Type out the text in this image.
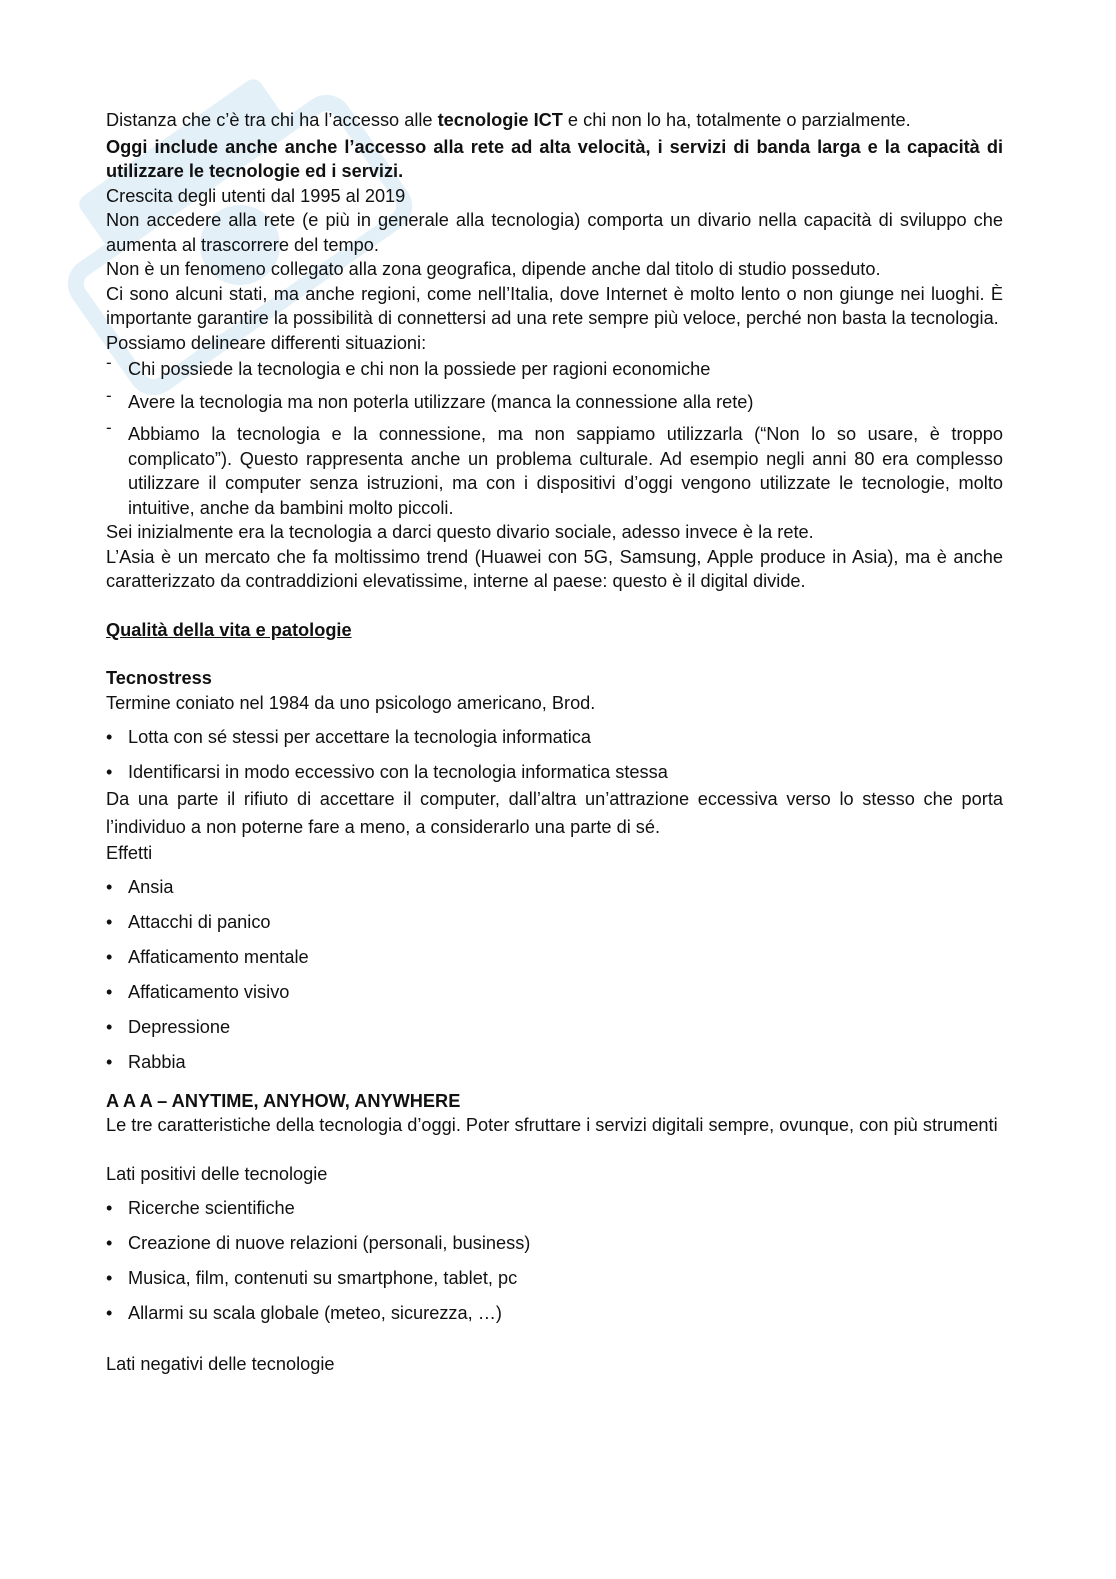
Distanza che c’è tra chi ha l’accesso alle tecnologie ICT e chi non lo ha, totalmente o parzialmente.

Oggi include anche anche l’accesso alla rete ad alta velocità, i servizi di banda larga e la capacità di utilizzare le tecnologie ed i servizi.

Crescita degli utenti dal 1995 al 2019

Non accedere alla rete (e più in generale alla tecnologia) comporta un divario nella capacità di sviluppo che aumenta al trascorrere del tempo.

Non è un fenomeno collegato alla zona geografica, dipende anche dal titolo di studio posseduto.

Ci sono alcuni stati, ma anche regioni, come nell’Italia, dove Internet è molto lento o non giunge nei luoghi. È importante garantire la possibilità di connettersi ad una rete sempre più veloce, perché non basta la tecnologia.

Possiamo delineare differenti situazioni:

- Chi possiede la tecnologia e chi non la possiede per ragioni economiche
- Avere la tecnologia ma non poterla utilizzare (manca la connessione alla rete)
- Abbiamo la tecnologia e la connessione, ma non sappiamo utilizzarla (“Non lo so usare, è troppo complicato”). Questo rappresenta anche un problema culturale. Ad esempio negli anni 80 era complesso utilizzare il computer senza istruzioni, ma con i dispositivi d’oggi vengono utilizzate le tecnologie, molto intuitive, anche da bambini molto piccoli.

Sei inizialmente era la tecnologia a darci questo divario sociale, adesso invece è la rete.

L’Asia è un mercato che fa moltissimo trend (Huawei con 5G, Samsung, Apple produce in Asia), ma è anche caratterizzato da contraddizioni elevatissime, interne al paese: questo è il digital divide.

Qualità della vita e patologie

Tecnostress

Termine coniato nel 1984 da uno psicologo americano, Brod.

• Lotta con sé stessi per accettare la tecnologia informatica
• Identificarsi in modo eccessivo con la tecnologia informatica stessa

Da una parte il rifiuto di accettare il computer, dall’altra un’attrazione eccessiva verso lo stesso che porta l’individuo a non poterne fare a meno, a considerarlo una parte di sé.

Effetti

• Ansia
• Attacchi di panico
• Affaticamento mentale
• Affaticamento visivo
• Depressione
• Rabbia

A A A – ANYTIME, ANYHOW, ANYWHERE

Le tre caratteristiche della tecnologia d’oggi. Poter sfruttare i servizi digitali sempre, ovunque, con più strumenti

Lati positivi delle tecnologie

• Ricerche scientifiche
• Creazione di nuove relazioni (personali, business)
• Musica, film, contenuti su smartphone, tablet, pc
• Allarmi su scala globale (meteo, sicurezza, …)

Lati negativi delle tecnologie
